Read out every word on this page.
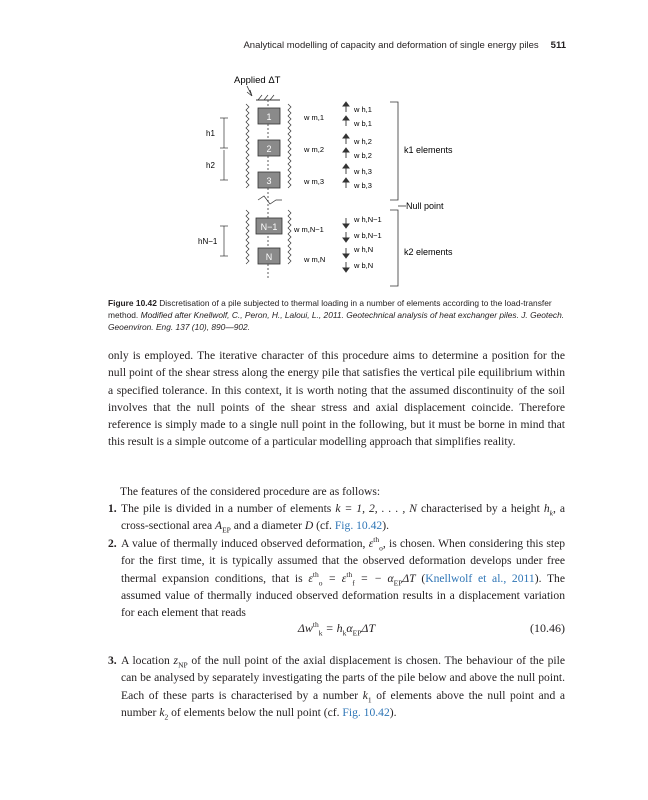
Analytical modelling of capacity and deformation of single energy piles 511
Applied ΔT
1
2
3
N−1
N
h1
h2
hN−1
w m,1
w m,2
w m,3
w m,N−1
w m,N
w h,1
w b,1
w h,2
w b,2
w h,3
w b,3
w h,N−1
w b,N−1
w h,N
w b,N
k1 elements
Null point
k2 elements
Figure 10.42 Discretisation of a pile subjected to thermal loading in a number of elements according to the load-transfer method. Modified after Knellwolf, C., Peron, H., Laloui, L., 2011. Geotechnical analysis of heat exchanger piles. J. Geotech. Geoenviron. Eng. 137 (10), 890—902.
only is employed. The iterative character of this procedure aims to determine a position for the null point of the shear stress along the energy pile that satisfies the vertical pile equilibrium within a specified tolerance. In this context, it is worth noting that the assumed discontinuity of the soil involves that the null points of the shear stress and axial displacement coincide. Therefore reference is simply made to a single null point in the following, but it must be borne in mind that this result is a simple outcome of a particular modelling approach that simplifies reality.
The features of the considered procedure are as follows:
1. The pile is divided in a number of elements k = 1, 2, . . . , N characterised by a height $h_k$, a cross-sectional area $A_{EP}$ and a diameter D (cf. Fig. 10.42).
2. A value of thermally induced observed deformation, $\varepsilon^{th}_o$, is chosen. When considering this step for the first time, it is typically assumed that the observed deformation develops under free thermal expansion conditions, that is $\varepsilon^{th}_o = \varepsilon^{th}_f$ = − $\alpha_{EP}\Delta T$ (Knellwolf et al., 2011). The assumed value of thermally induced observed deformation results in a displacement variation for each element that reads
$\Delta w^{th}_k = h_k\alpha_{EP}\Delta T$	(10.46)
3. A location $z_{NP}$ of the null point of the axial displacement is chosen. The behaviour of the pile can be analysed by separately investigating the parts of the pile below and above the null point. Each of these parts is characterised by a number $k_1$ of elements above the null point and a number $k_2$ of elements below the null point (cf. Fig. 10.42).
